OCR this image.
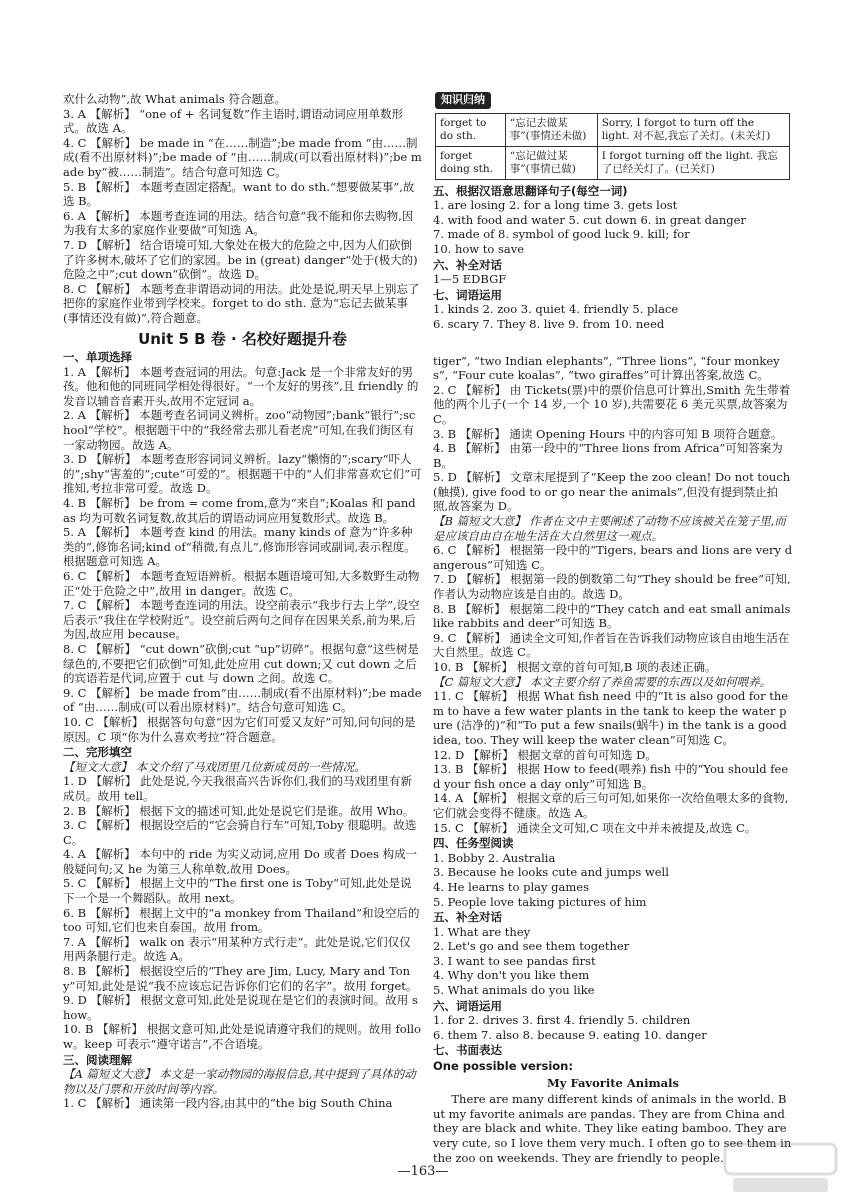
欢什么动物”,故 What animals 符合题意。

3. A 【解析】 “one of + 名词复数”作主语时,谓语动词应用单数形式。故选 A。

4. C 【解析】 be made in “在……制造”;be made from “由……制成(看不出原材料)”;be made of “由……制成(可以看出原材料)”;be made by“被……制造”。结合句意可知选 C。

5. B 【解析】 本题考查固定搭配。want to do sth.“想要做某事”,故选 B。

6. A 【解析】 本题考查连词的用法。结合句意“我不能和你去购物,因为我有太多的家庭作业要做”可知选 A。

7. D 【解析】 结合语境可知,大象处在极大的危险之中,因为人们砍倒了许多树木,破坏了它们的家园。be in (great) danger“处于(极大的)危险之中”;cut down“砍倒”。故选 D。

8. C 【解析】 本题考查非谓语动词的用法。此处是说,明天早上别忘了把你的家庭作业带到学校来。forget to do sth. 意为“忘记去做某事(事情还没有做)”,符合题意。

Unit 5 B 卷 · 名校好题提升卷

一、单项选择

1. A 【解析】 本题考查冠词的用法。句意:Jack 是一个非常友好的男孩。他和他的同班同学相处得很好。“一个友好的男孩”,且 friendly 的发音以辅音音素开头,故用不定冠词 a。

2. A 【解析】 本题考查名词词义辨析。zoo“动物园”;bank“银行”;school“学校”。根据题干中的“我经常去那儿看老虎”可知,在我们街区有一家动物园。故选 A。

3. D 【解析】 本题考查形容词词义辨析。lazy“懒惰的”;scary“吓人的”;shy“害羞的”;cute“可爱的”。根据题干中的“人们非常喜欢它们”可推知,考拉非常可爱。故选 D。

4. B 【解析】 be from = come from,意为“来自”;Koalas 和 pandas 均为可数名词复数,故其后的谓语动词应用复数形式。故选 B。

5. A 【解析】 本题考查 kind 的用法。many kinds of 意为“许多种类的”,修饰名词;kind of“稍微,有点儿”,修饰形容词或副词,表示程度。根据题意可知选 A。

6. C 【解析】 本题考查短语辨析。根据本题语境可知,大多数野生动物正“处于危险之中”,故用 in danger。故选 C。

7. C 【解析】 本题考查连词的用法。设空前表示“我步行去上学”,设空后表示“我住在学校附近”。设空前后两句之间存在因果关系,前为果,后为因,故应用 because。

8. C 【解析】 “cut down”砍倒;cut “up”切碎”。根据句意“这些树是绿色的,不要把它们砍倒”可知,此处应用 cut down;又 cut down 之后的宾语若是代词,应置于 cut 与 down 之间。故选 C。

9. C 【解析】 be made from“由……制成(看不出原材料)”;be made of “由……制成(可以看出原材料)”。结合句意可知选 C。

10. C 【解析】 根据答句句意“因为它们可爱又友好”可知,问句问的是原因。C 项“你为什么喜欢考拉”符合题意。

二、完形填空

【短文大意】 本文介绍了马戏团里几位新成员的一些情况。

1. D 【解析】 此处是说,今天我很高兴告诉你们,我们的马戏团里有新成员。故用 tell。

2. B 【解析】 根据下文的描述可知,此处是说它们是谁。故用 Who。

3. C 【解析】 根据设空后的“它会骑自行车”可知,Toby 很聪明。故选 C。

4. A 【解析】 本句中的 ride 为实义动词,应用 Do 或者 Does 构成一般疑问句;又 he 为第三人称单数,故用 Does。

5. C 【解析】 根据上文中的“The first one is Toby”可知,此处是说下一个是一个舞蹈队。故用 next。

6. B 【解析】 根据上文中的“a monkey from Thailand”和设空后的 too 可知,它们也来自泰国。故用 from。

7. A 【解析】 walk on 表示“用某种方式行走”。此处是说,它们仅仅用两条腿行走。故选 A。

8. B 【解析】 根据设空后的“They are Jim, Lucy, Mary and Tony”可知,此处是说“我不应该忘记告诉你们它们的名字”。故用 forget。

9. D 【解析】 根据文意可知,此处是说现在是它们的表演时间。故用 show。

10. B 【解析】 根据文意可知,此处是说请遵守我们的规则。故用 follow。keep 可表示“遵守诺言”,不合语境。

三、阅读理解

【A 篇短文大意】 本文是一家动物园的海报信息,其中提到了具体的动物以及门票和开放时间等内容。

1. C 【解析】 通读第一段内容,由其中的“the big South China

知识归纳
forget to do sth.	“忘记去做某事”(事情还未做)	Sorry, I forgot to turn off the light. 对不起,我忘了关灯。(未关灯)
forget doing sth.	“忘记做过某事”(事情已做)	I forgot turning off the light. 我忘了已经关灯了。(已关灯)

五、根据汉语意思翻译句子(每空一词)

1. are losing 2. for a long time 3. gets lost

4. with food and water 5. cut down 6. in great danger

7. made of 8. symbol of good luck 9. kill; for

10. how to save

六、补全对话

1—5 EDBGF

七、词语运用

1. kinds 2. zoo 3. quiet 4. friendly 5. place

6. scary 7. They 8. live 9. from 10. need

tiger”, “two Indian elephants”, “Three lions”, “four monkeys”, “Four cute koalas”, “two giraffes”可计算出答案,故选 C。

2. C 【解析】 由 Tickets(票)中的票价信息可计算出,Smith 先生带着他的两个儿子(一个 14 岁,一个 10 岁),共需要花 6 美元买票,故答案为 C。

3. B 【解析】 通读 Opening Hours 中的内容可知 B 项符合题意。

4. B 【解析】 由第一段中的“Three lions from Africa”可知答案为 B。

5. D 【解析】 文章末尾提到了“Keep the zoo clean! Do not touch (触摸), give food to or go near the animals”,但没有提到禁止拍照,故答案为 D。

【B 篇短文大意】 作者在文中主要阐述了动物不应该被关在笼子里,而是应该自由自在地生活在大自然里这一观点。

6. C 【解析】 根据第一段中的“Tigers, bears and lions are very dangerous”可知选 C。

7. D 【解析】 根据第一段的倒数第二句“They should be free”可知,作者认为动物应该是自由的。故选 D。

8. B 【解析】 根据第二段中的“They catch and eat small animals like rabbits and deer”可知选 B。

9. C 【解析】 通读全文可知,作者旨在告诉我们动物应该自由地生活在大自然里。故选 C。

10. B 【解析】 根据文章的首句可知,B 项的表述正确。

【C 篇短文大意】 本文主要介绍了养鱼需要的东西以及如何喂养。

11. C 【解析】 根据 What fish need 中的“It is also good for them to have a few water plants in the tank to keep the water pure (洁净的)”和“To put a few snails(蜗牛) in the tank is a good idea, too. They will keep the water clean”可知选 C。

12. D 【解析】 根据文章的首句可知选 D。

13. B 【解析】 根据 How to feed(喂养) fish 中的“You should feed your fish once a day only”可知选 B。

14. A 【解析】 根据文章的后三句可知,如果你一次给鱼喂太多的食物,它们就会变得不健康。故选 A。

15. C 【解析】 通读全文可知,C 项在文中并未被提及,故选 C。

四、任务型阅读

1. Bobby 2. Australia

3. Because he looks cute and jumps well

4. He learns to play games

5. People love taking pictures of him

五、补全对话

1. What are they

2. Let's go and see them together

3. I want to see pandas first

4. Why don't you like them

5. What animals do you like

六、词语运用

1. for 2. drives 3. first 4. friendly 5. children

6. them 7. also 8. because 9. eating 10. danger

七、书面表达

One possible version:

My Favorite Animals

There are many different kinds of animals in the world. But my favorite animals are pandas. They are from China and they are black and white. They like eating bamboo. They are very cute, so I love them very much. I often go to see them in the zoo on weekends. They are friendly to people.

—163—
